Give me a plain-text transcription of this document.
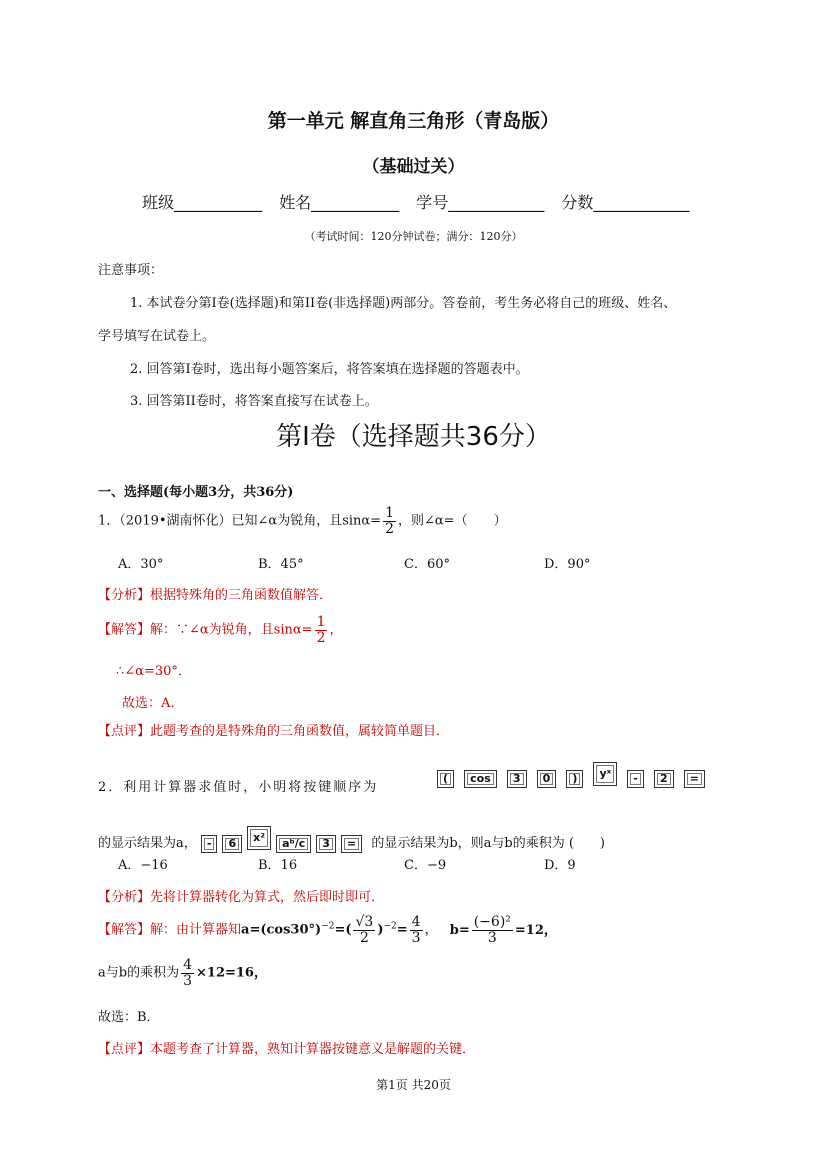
第一单元 解直角三角形（青岛版）
（基础过关）
班级___________ 姓名___________ 学号____________ 分数____________
（考试时间：120分钟试卷；满分：120分）
注意事项：
1. 本试卷分第I卷(选择题)和第II卷(非选择题)两部分。答卷前，考生务必将自己的班级、姓名、
学号填写在试卷上。
2. 回答第I卷时，选出每小题答案后，将答案填在选择题的答题表中。
3. 回答第II卷时，将答案直接写在试卷上。
第I卷（选择题共36分）
一、选择题(每小题3分，共36分)
1．（2019•湖南怀化）已知∠α为锐角，且$\sin\alpha= \frac{1}{2}$ ，则∠α=（　　）
A．30°	B．45°	C．60°	D．90°
【分析】根据特殊角的三角函数值解答．
【解答】解：∵∠α为锐角，且$\sin\alpha= \frac{1}{2}$ ，
∴∠α=30°．
故选：A．
【点评】此题考查的是特殊角的三角函数值，属较简单题目．
2．利用计算器求值时，小明将按键顺序为
( cos 3 0 ) yˣ - 2 =
的显示结果为a， - 6 x² aᵇ/c 3 = 的显示结果为b，则a与b的乘积为 (　　)
A．−16	B．16	C．−9	D．9
【分析】先将计算器转化为算式，然后即时即可．
【解答】解：由计算器知$a=(\cos 30^\circ)^{-2}=( \frac{√3}{2} )^{-2}= \frac{4}{3}$ ， $b= \frac{\text{(−6)²}}{3} =12$，
a与b的乘积为 $\frac{4}{3} \times 12=16$，
故选：B．
【点评】本题考查了计算器，熟知计算器按键意义是解题的关键．
第1页 共20页
